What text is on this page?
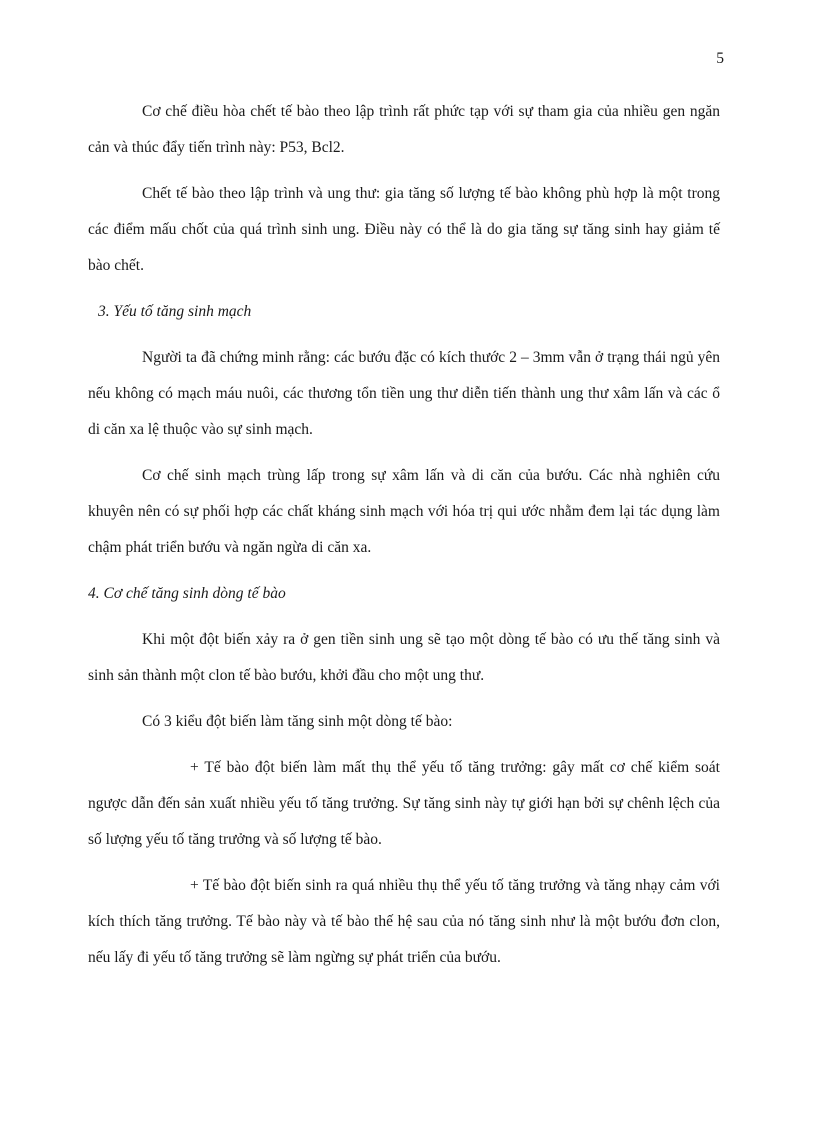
5

Cơ chế điều hòa chết tế bào theo lập trình rất phức tạp với sự tham gia của nhiều gen ngăn cản và thúc đẩy tiến trình này: P53, Bcl2.

Chết tế bào theo lập trình và ung thư: gia tăng số lượng tế bào không phù hợp là một trong các điểm mấu chốt của quá trình sinh ung. Điều này có thể là do gia tăng sự tăng sinh hay giảm tế bào chết.

3. Yếu tố tăng sinh mạch

Người ta đã chứng minh rằng: các bướu đặc có kích thước 2 – 3mm vẫn ở trạng thái ngủ yên nếu không có mạch máu nuôi, các thương tổn tiền ung thư diễn tiến thành ung thư xâm lấn và các ổ di căn xa lệ thuộc vào sự sinh mạch.

Cơ chế sinh mạch trùng lấp trong sự xâm lấn và di căn của bướu. Các nhà nghiên cứu khuyên nên có sự phối hợp các chất kháng sinh mạch với hóa trị qui ước nhằm đem lại tác dụng làm chậm phát triển bướu và ngăn ngừa di căn xa.

4. Cơ chế tăng sinh dòng tế bào

Khi một đột biến xảy ra ở gen tiền sinh ung sẽ tạo một dòng tế bào có ưu thế tăng sinh và sinh sản thành một clon tế bào bướu, khởi đầu cho một ung thư.

Có 3 kiểu đột biến làm tăng sinh một dòng tế bào:

+ Tế bào đột biến làm mất thụ thể yếu tố tăng trưởng: gây mất cơ chế kiểm soát ngược dẫn đến sản xuất nhiều yếu tố tăng trưởng. Sự tăng sinh này tự giới hạn bởi sự chênh lệch của số lượng yếu tố tăng trưởng và số lượng tế bào.

+ Tế bào đột biến sinh ra quá nhiều thụ thể yếu tố tăng trưởng và tăng nhạy cảm với kích thích tăng trưởng. Tế bào này và tế bào thế hệ sau của nó tăng sinh như là một bướu đơn clon, nếu lấy đi yếu tố tăng trưởng sẽ làm ngừng sự phát triển của bướu.
